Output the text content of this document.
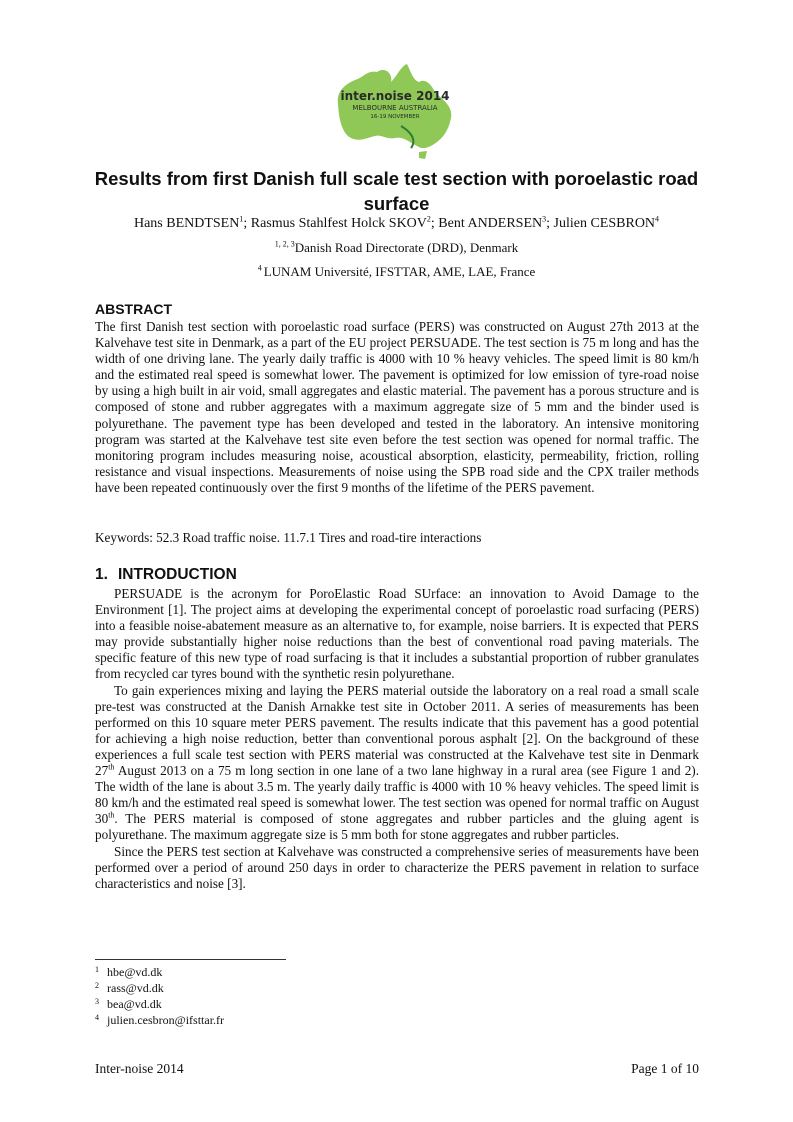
inter.noise 2014
MELBOURNE AUSTRALIA
16-19 NOVEMBER
Results from first Danish full scale test section with poroelastic road surface
Hans BENDTSEN$^1$; Rasmus Stahlfest Holck SKOV$^2$; Bent ANDERSEN$^3$; Julien CESBRON$^4$
$^{1, 2, 3}$Danish Road Directorate (DRD), Denmark
$^4$ LUNAM Université, IFSTTAR, AME, LAE, France
ABSTRACT

The first Danish test section with poroelastic road surface (PERS) was constructed on August 27th 2013 at the Kalvehave test site in Denmark, as a part of the EU project PERSUADE. The test section is 75 m long and has the width of one driving lane. The yearly daily traffic is 4000 with 10 % heavy vehicles. The speed limit is 80 km/h and the estimated real speed is somewhat lower. The pavement is optimized for low emission of tyre-road noise by using a high built in air void, small aggregates and elastic material. The pavement has a porous structure and is composed of stone and rubber aggregates with a maximum aggregate size of 5 mm and the binder used is polyurethane. The pavement type has been developed and tested in the laboratory. An intensive monitoring program was started at the Kalvehave test site even before the test section was opened for normal traffic. The monitoring program includes measuring noise, acoustical absorption, elasticity, permeability, friction, rolling resistance and visual inspections. Measurements of noise using the SPB road side and the CPX trailer methods have been repeated continuously over the first 9 months of the lifetime of the PERS pavement.

Keywords: 52.3 Road traffic noise. 11.7.1 Tires and road-tire interactions

1. INTRODUCTION

PERSUADE is the acronym for PoroElastic Road SUrface: an innovation to Avoid Damage to the Environment [1]. The project aims at developing the experimental concept of poroelastic road surfacing (PERS) into a feasible noise-abatement measure as an alternative to, for example, noise barriers. It is expected that PERS may provide substantially higher noise reductions than the best of conventional road paving materials. The specific feature of this new type of road surfacing is that it includes a substantial proportion of rubber granulates from recycled car tyres bound with the synthetic resin polyurethane.

To gain experiences mixing and laying the PERS material outside the laboratory on a real road a small scale pre-test was constructed at the Danish Arnakke test site in October 2011. A series of measurements has been performed on this 10 square meter PERS pavement. The results indicate that this pavement has a good potential for achieving a high noise reduction, better than conventional porous asphalt [2]. On the background of these experiences a full scale test section with PERS material was constructed at the Kalvehave test site in Denmark 27th August 2013 on a 75 m long section in one lane of a two lane highway in a rural area (see Figure 1 and 2). The width of the lane is about 3.5 m. The yearly daily traffic is 4000 with 10 % heavy vehicles. The speed limit is 80 km/h and the estimated real speed is somewhat lower. The test section was opened for normal traffic on August 30th. The PERS material is composed of stone aggregates and rubber particles and the gluing agent is polyurethane. The maximum aggregate size is 5 mm both for stone aggregates and rubber particles.

Since the PERS test section at Kalvehave was constructed a comprehensive series of measurements have been performed over a period of around 250 days in order to characterize the PERS pavement in relation to surface characteristics and noise [3].

1 hbe@vd.dk
2 rass@vd.dk
3 bea@vd.dk
4 julien.cesbron@ifsttar.fr
Inter-noise 2014	Page 1 of 10
